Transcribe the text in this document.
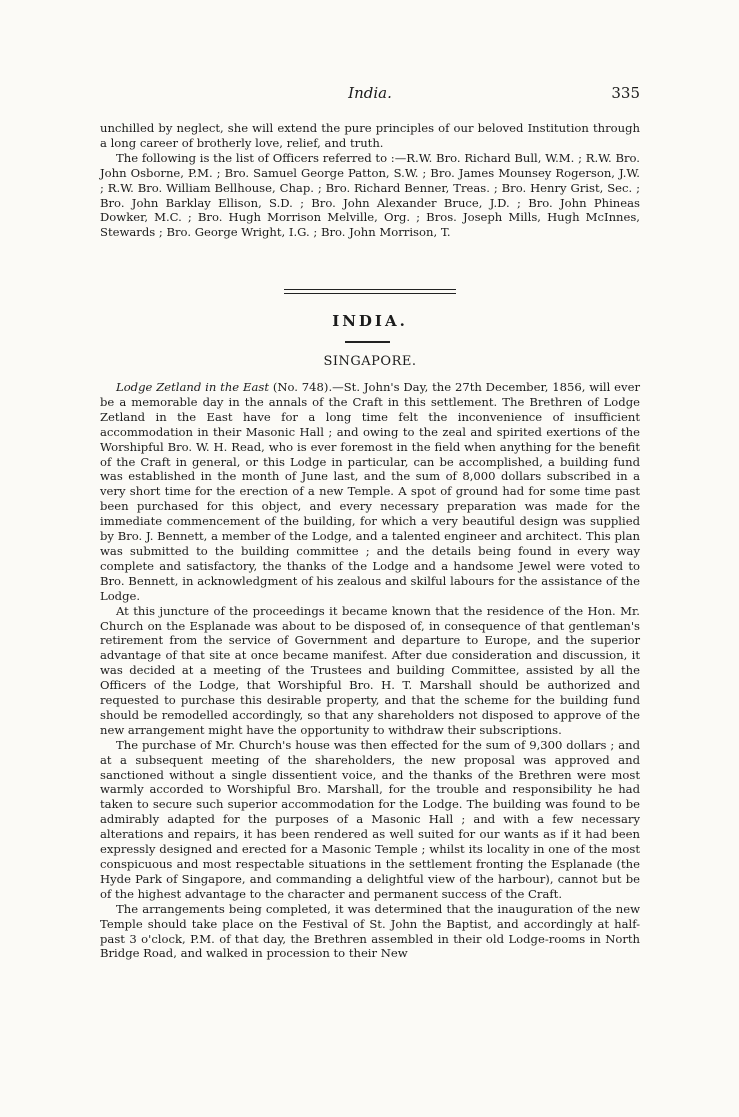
India.	335

unchilled by neglect, she will extend the pure principles of our beloved Institution through a long career of brotherly love, relief, and truth.

The following is the list of Officers referred to :—R.W. Bro. Richard Bull, W.M. ; R.W. Bro. John Osborne, P.M. ; Bro. Samuel George Patton, S.W. ; Bro. James Mounsey Rogerson, J.W. ; R.W. Bro. William Bellhouse, Chap. ; Bro. Richard Benner, Treas. ; Bro. Henry Grist, Sec. ; Bro. John Barklay Ellison, S.D. ; Bro. John Alexander Bruce, J.D. ; Bro. John Phineas Dowker, M.C. ; Bro. Hugh Morrison Melville, Org. ; Bros. Joseph Mills, Hugh McInnes, Stewards ; Bro. George Wright, I.G. ; Bro. John Morrison, T.

INDIA.
SINGAPORE.

Lodge Zetland in the East (No. 748).—St. John's Day, the 27th December, 1856, will ever be a memorable day in the annals of the Craft in this settlement. The Brethren of Lodge Zetland in the East have for a long time felt the inconvenience of insufficient accommodation in their Masonic Hall ; and owing to the zeal and spirited exertions of the Worshipful Bro. W. H. Read, who is ever foremost in the field when anything for the benefit of the Craft in general, or this Lodge in particular, can be accomplished, a building fund was established in the month of June last, and the sum of 8,000 dollars subscribed in a very short time for the erection of a new Temple. A spot of ground had for some time past been purchased for this object, and every necessary preparation was made for the immediate commencement of the building, for which a very beautiful design was supplied by Bro. J. Bennett, a member of the Lodge, and a talented engineer and architect. This plan was submitted to the building committee ; and the details being found in every way complete and satisfactory, the thanks of the Lodge and a handsome Jewel were voted to Bro. Bennett, in acknowledgment of his zealous and skilful labours for the assistance of the Lodge.

At this juncture of the proceedings it became known that the residence of the Hon. Mr. Church on the Esplanade was about to be disposed of, in consequence of that gentleman's retirement from the service of Government and departure to Europe, and the superior advantage of that site at once became manifest. After due consideration and discussion, it was decided at a meeting of the Trustees and building Committee, assisted by all the Officers of the Lodge, that Worshipful Bro. H. T. Marshall should be authorized and requested to purchase this desirable property, and that the scheme for the building fund should be remodelled accordingly, so that any shareholders not disposed to approve of the new arrangement might have the opportunity to withdraw their subscriptions.

The purchase of Mr. Church's house was then effected for the sum of 9,300 dollars ; and at a subsequent meeting of the shareholders, the new proposal was approved and sanctioned without a single dissentient voice, and the thanks of the Brethren were most warmly accorded to Worshipful Bro. Marshall, for the trouble and responsibility he had taken to secure such superior accommodation for the Lodge. The building was found to be admirably adapted for the purposes of a Masonic Hall ; and with a few necessary alterations and repairs, it has been rendered as well suited for our wants as if it had been expressly designed and erected for a Masonic Temple ; whilst its locality in one of the most conspicuous and most respectable situations in the settlement fronting the Esplanade (the Hyde Park of Singapore, and commanding a delightful view of the harbour), cannot but be of the highest advantage to the character and permanent success of the Craft.

The arrangements being completed, it was determined that the inauguration of the new Temple should take place on the Festival of St. John the Baptist, and accordingly at half-past 3 o'clock, P.M. of that day, the Brethren assembled in their old Lodge-rooms in North Bridge Road, and walked in procession to their New
